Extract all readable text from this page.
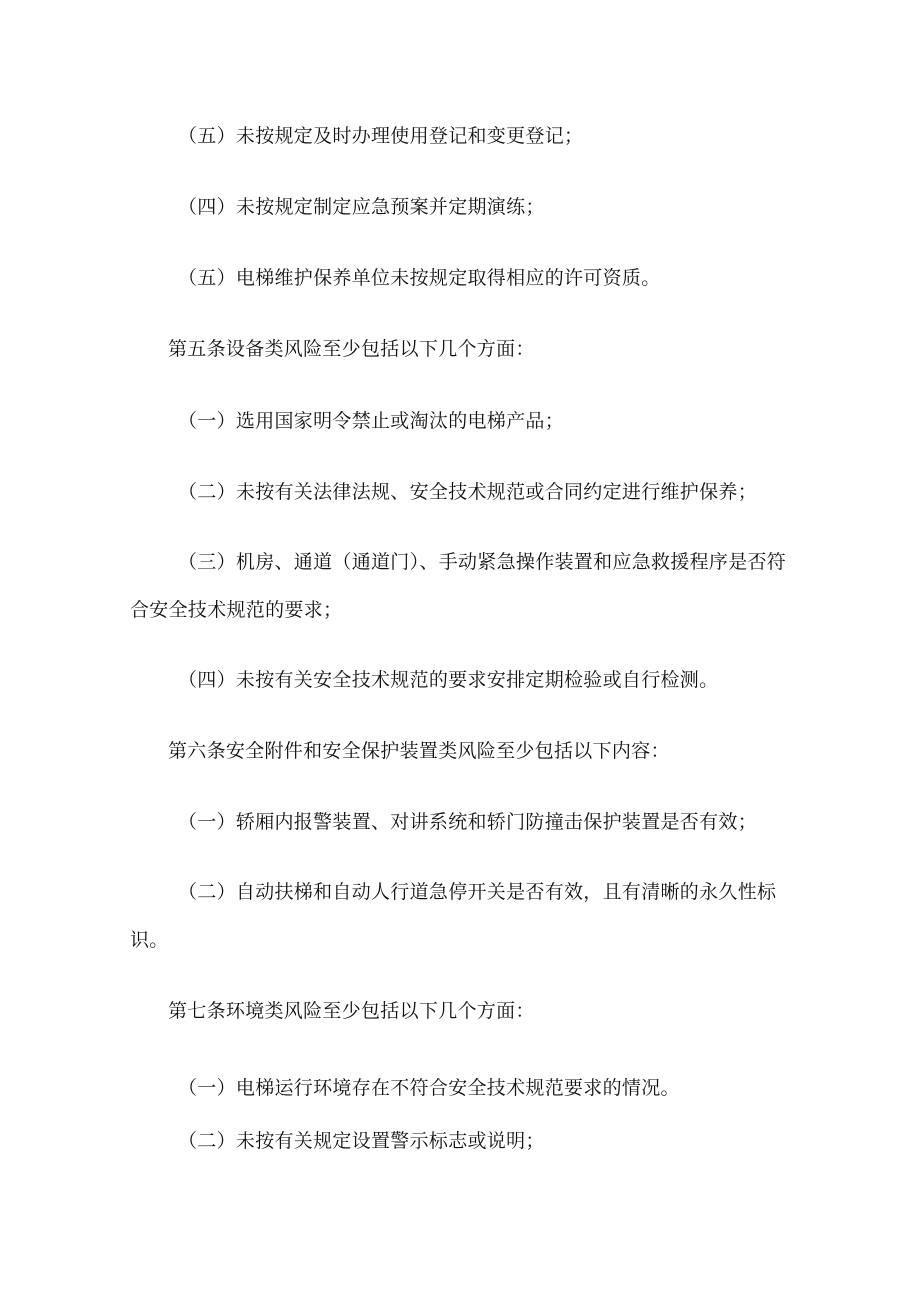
（五）未按规定及时办理使用登记和变更登记；

（四）未按规定制定应急预案并定期演练；

（五）电梯维护保养单位未按规定取得相应的许可资质。

第五条设备类风险至少包括以下几个方面：

（一）选用国家明令禁止或淘汰的电梯产品；

（二）未按有关法律法规、安全技术规范或合同约定进行维护保养；

（三）机房、通道（通道门）、手动紧急操作装置和应急救援程序是否符合安全技术规范的要求；

（四）未按有关安全技术规范的要求安排定期检验或自行检测。

第六条安全附件和安全保护装置类风险至少包括以下内容：

（一）轿厢内报警装置、对讲系统和轿门防撞击保护装置是否有效；

（二）自动扶梯和自动人行道急停开关是否有效，且有清晰的永久性标识。

第七条环境类风险至少包括以下几个方面：

（一）电梯运行环境存在不符合安全技术规范要求的情况。

（二）未按有关规定设置警示标志或说明；
